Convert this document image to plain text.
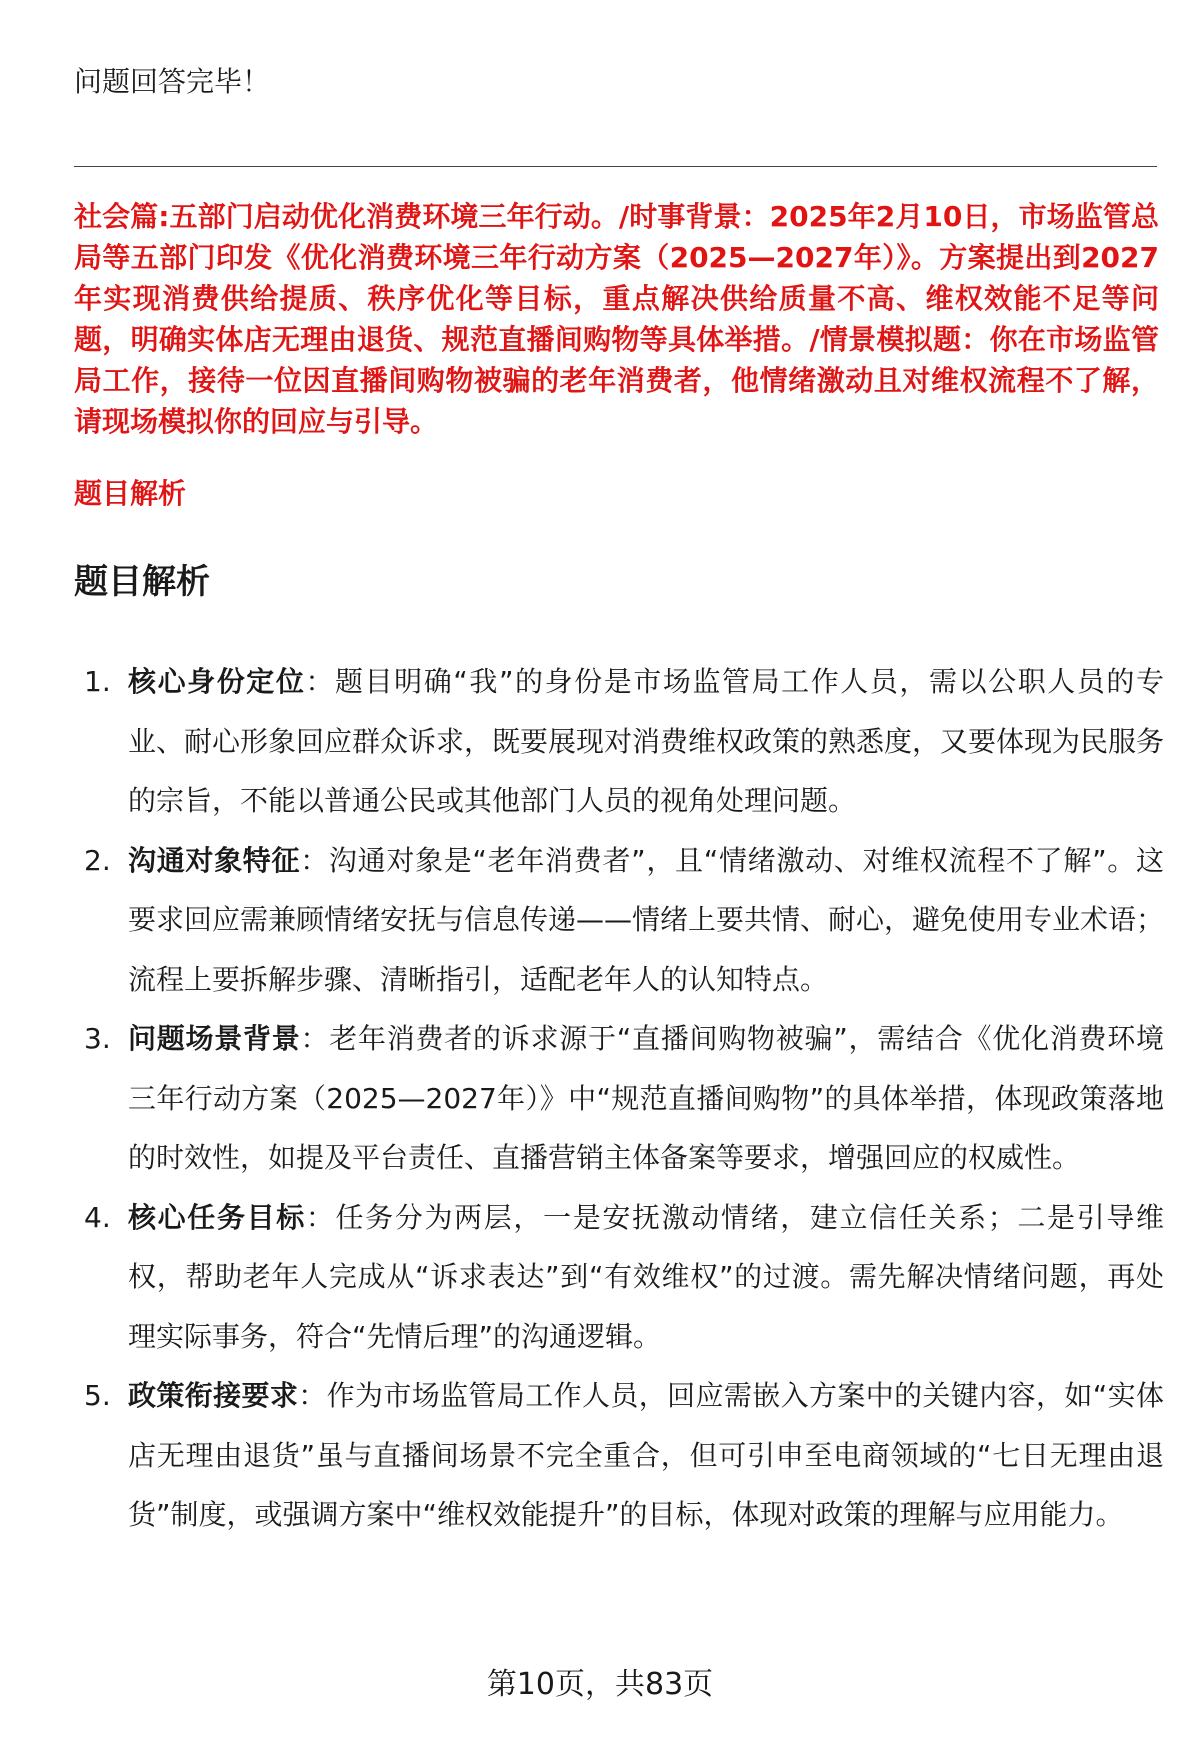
问题回答完毕！
社会篇:五部门启动优化消费环境三年行动。/时事背景：2025年2月10日，市场监管总局等五部门印发《优化消费环境三年行动方案（2025—2027年）》。方案提出到2027年实现消费供给提质、秩序优化等目标，重点解决供给质量不高、维权效能不足等问题，明确实体店无理由退货、规范直播间购物等具体举措。/情景模拟题：你在市场监管局工作，接待一位因直播间购物被骗的老年消费者，他情绪激动且对维权流程不了解，请现场模拟你的回应与引导。
题目解析
题目解析
1. 核心身份定位：题目明确“我”的身份是市场监管局工作人员，需以公职人员的专业、耐心形象回应群众诉求，既要展现对消费维权政策的熟悉度，又要体现为民服务的宗旨，不能以普通公民或其他部门人员的视角处理问题。
2. 沟通对象特征：沟通对象是“老年消费者”，且“情绪激动、对维权流程不了解”。这要求回应需兼顾情绪安抚与信息传递——情绪上要共情、耐心，避免使用专业术语；流程上要拆解步骤、清晰指引，适配老年人的认知特点。
3. 问题场景背景：老年消费者的诉求源于“直播间购物被骗”，需结合《优化消费环境三年行动方案（2025—2027年）》中“规范直播间购物”的具体举措，体现政策落地的时效性，如提及平台责任、直播营销主体备案等要求，增强回应的权威性。
4. 核心任务目标：任务分为两层，一是安抚激动情绪，建立信任关系；二是引导维权，帮助老年人完成从“诉求表达”到“有效维权”的过渡。需先解决情绪问题，再处理实际事务，符合“先情后理”的沟通逻辑。
5. 政策衔接要求：作为市场监管局工作人员，回应需嵌入方案中的关键内容，如“实体店无理由退货”虽与直播间场景不完全重合，但可引申至电商领域的“七日无理由退货”制度，或强调方案中“维权效能提升”的目标，体现对政策的理解与应用能力。
第10页，共83页
